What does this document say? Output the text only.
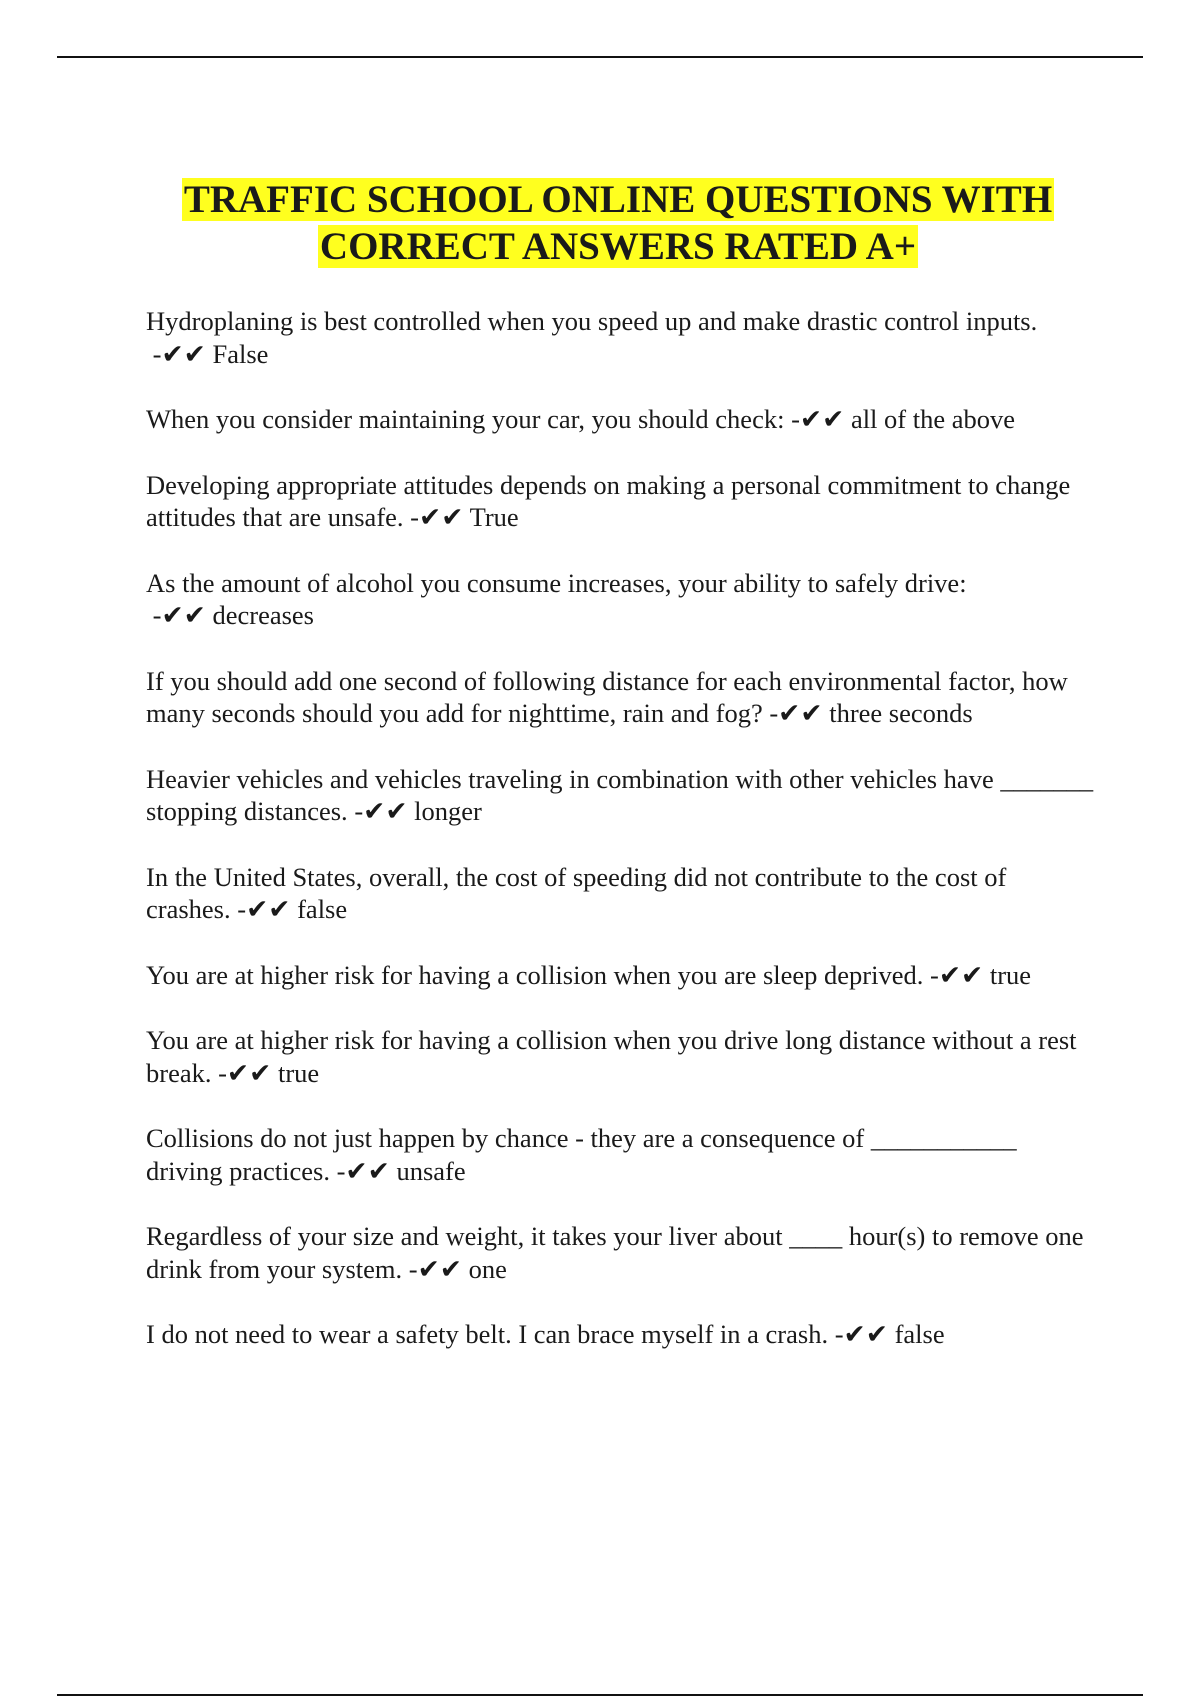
TRAFFIC SCHOOL ONLINE QUESTIONS WITH
CORRECT ANSWERS RATED A+
Hydroplaning is best controlled when you speed up and make drastic control inputs. -✔✔ False
When you consider maintaining your car, you should check: -✔✔ all of the above
Developing appropriate attitudes depends on making a personal commitment to change attitudes that are unsafe. -✔✔ True
As the amount of alcohol you consume increases, your ability to safely drive: -✔✔ decreases
If you should add one second of following distance for each environmental factor, how many seconds should you add for nighttime, rain and fog? -✔✔ three seconds
Heavier vehicles and vehicles traveling in combination with other vehicles have _______ stopping distances. -✔✔ longer
In the United States, overall, the cost of speeding did not contribute to the cost of crashes. -✔✔ false
You are at higher risk for having a collision when you are sleep deprived. -✔✔ true
You are at higher risk for having a collision when you drive long distance without a rest break. -✔✔ true
Collisions do not just happen by chance - they are a consequence of ___________ driving practices. -✔✔ unsafe
Regardless of your size and weight, it takes your liver about ____ hour(s) to remove one drink from your system. -✔✔ one
I do not need to wear a safety belt. I can brace myself in a crash. -✔✔ false
